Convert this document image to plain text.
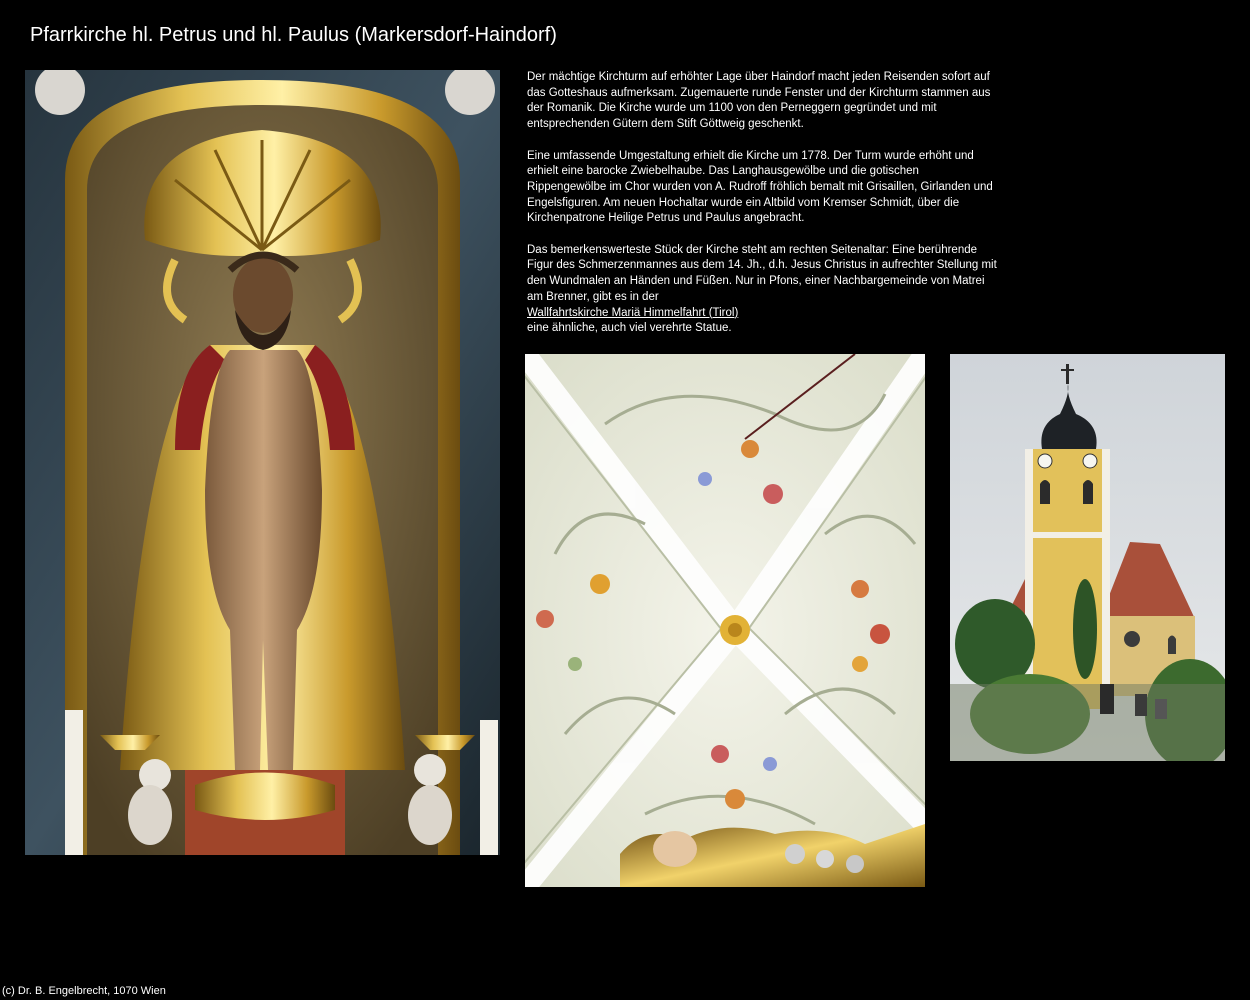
Pfarrkirche hl. Petrus und hl. Paulus (Markersdorf-Haindorf)

Der mächtige Kirchturm auf erhöhter Lage über Haindorf macht jeden Reisenden sofort auf das Gotteshaus aufmerksam. Zugemauerte runde Fenster und der Kirchturm stammen aus der Romanik. Die Kirche wurde um 1100 von den Perneggern gegründet und mit entsprechenden Gütern dem Stift Göttweig geschenkt.

Eine umfassende Umgestaltung erhielt die Kirche um 1778. Der Turm wurde erhöht und erhielt eine barocke Zwiebelhaube. Das Langhausgewölbe und die gotischen Rippengewölbe im Chor wurden von A. Rudroff fröhlich bemalt mit Grisaillen, Girlanden und Engelsfiguren. Am neuen Hochaltar wurde ein Altbild vom Kremser Schmidt, über die Kirchenpatrone Heilige Petrus und Paulus angebracht.

Das bemerkenswerteste Stück der Kirche steht am rechten Seitenaltar: Eine berührende Figur des Schmerzenmannes aus dem 14. Jh., d.h. Jesus Christus in aufrechter Stellung mit den Wundmalen an Händen und Füßen. Nur in Pfons, einer Nachbargemeinde von Matrei am Brenner, gibt es in der
Wallfahrtskirche Mariä Himmelfahrt (Tirol)
eine ähnliche, auch viel verehrte Statue.

(c) Dr. B. Engelbrecht, 1070 Wien
